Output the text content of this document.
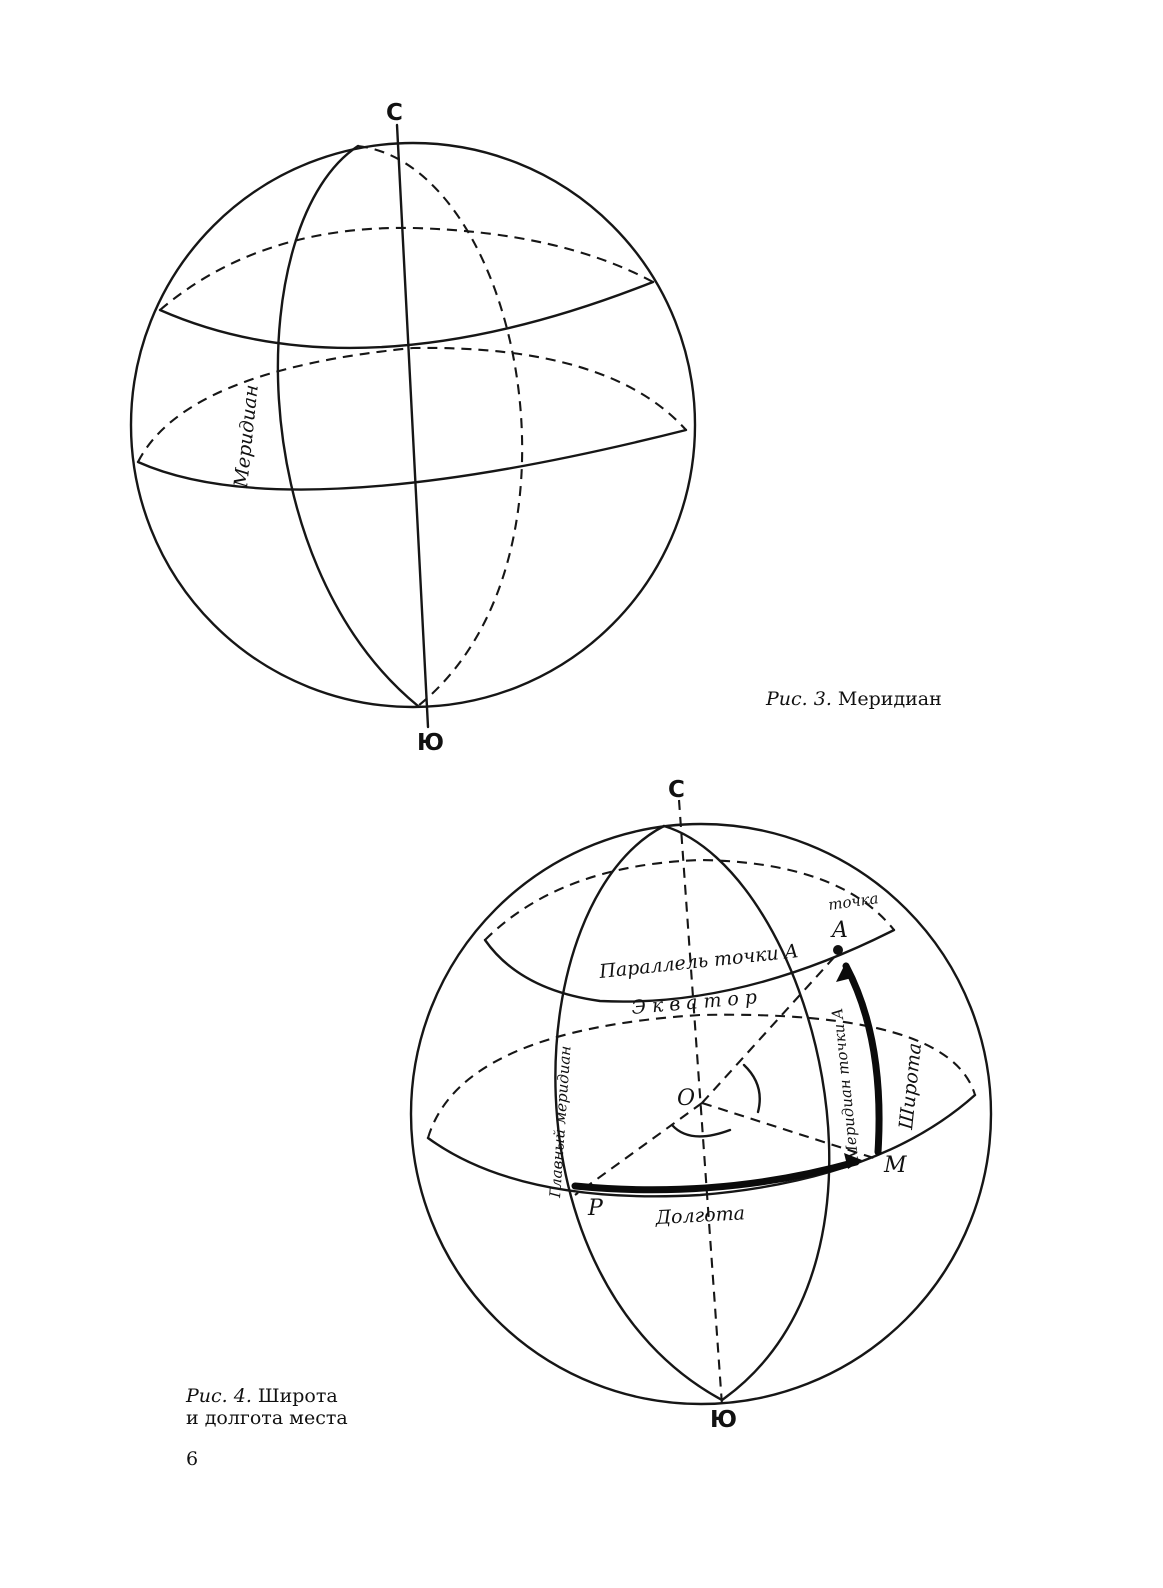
С
Ю
Меридиан
С
Ю
точка
A
Параллель точки A
Экватор
O
Главный меридиан	Меридиан точки A Широта
M
P	Долгота
Рис. 3. Меридиан
Рис. 4. Широта
и долгота места
6
